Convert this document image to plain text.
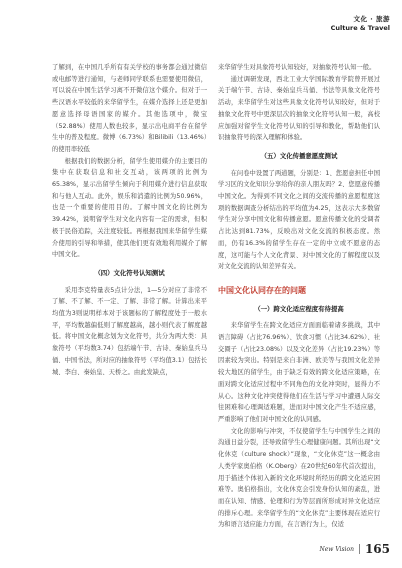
文化 · 旅游
Culture & Travel

了解到，在中国几乎所有有关学校的事务都会通过微信或电邮等进行通知，与老师同学联系也需要使用微信，可以说在中国生活学习离不开微信这个媒介。但对于一些汉语水平较低的来华留学生，在媒介选择上还是更加愿意选择母语国家的媒介。其他选项中，微宝（52.88%）使用人数也较多，显示出电商平台在留学生中的普及程度。微博（6.73%）和Bilibili（13.46%）的使用率较低

根据我们的数据分析，留学生使用媒介的主要目的集中在获取信息和社交互动，该两项的比例为65.38%，显示出留学生倾向于利用媒介进行信息获取和与他人互动。此外，娱乐和消遣的比例为50.96%，也是一个重要的使用目的。了解中国文化的比例为39.42%，说明留学生对文化内容有一定的需求，但积极于民俗追踪，关注度较低。再根据我国来华留学生媒介使用的引导和举措，使其他们更有效地利用媒介了解中国文化。

（四）文化符号认知测试

采用李克特量表5点计分法，1—5分对应了非常不了解、不了解、不一定、了解、非常了解。计算出来平均值为3则说明样本对于该题标的了解程度处于一般水平，平均数越偏低则了解度越高，越小则代表了解度越低。将中国文化概念划为文化符号，共分为两大类：具象符号（平均数3.74）包括端午节、古诗、秦始皇兵马俑、中国书法，所对应的抽象符号（平均值3.1）包括长城、李白、秦始皇、天桥之。由此发缺点，

来华留学生对具象符号认知较好，对抽象符号认知一般。

通过调研发现，西北工业大学国际教育学院曾开展过关于端午节、古诗、秦始皇兵马俑、书法等具象文化符号活动，来华留学生对这些具象文化符号认知较好，但对于抽象文化符号中更深层次的抽象文化符号认知一般，高校应加强对留学生文化符号认知的引导和教化，帮助他们认识抽象符号的深入理解和体验。

（五）文化传播意愿度测试

在问卷中设置了两道题，分别是：1、您愿意担任中国学习区的文化知识分享给你的亲人朋友吗？2、您愿意传播中国文化。为得到不同文化之间的交流传播的意愿程度这项的数据调查分析结出的平均值为4.25，这表示大多数留学生对分享中国文化和传播意愿。愿意传播文化的受调者占比达到81.73%，反映出对文化交流的积极态度。然而，仍有16.3%的留学生存在一定的中立或不愿意的态度，这可能与个人文化背景、对中国文化的了解程度以及对文化交流的认知差异有关。

中国文化认同存在的问题
（一）跨文化适应程度有待提高

来华留学生在跨文化适应方面面临着诸多挑战，其中语言障碍（占比76.96%）、饮食习惯（占比34.62%）、社交圈子（占比23.08%）以及文化差异（占比19.23%）等因素较为突出。特别是来自非洲、欧美等与我国文化差异较大地区的留学生，由于缺乏有效的跨文化适应策略，在面对跨文化适应过程中不同角色的文化冲突时，显得力不从心。这种文化冲突使得他们在生活与学习中遭遇人际交往困难和心理调适难题，进而对中国文化产生不适应感，严重影响了他们对中国文化的认同感。

文化的影响与冲突，不仅使留学生与中国学生之间的沟通日益分裂，还导致留学生心理健康问题。其所出现“文化休克（culture shock）”现象，“文化休克”这一概念由人类学家奥伯格（K.Oberg）在20世纪60年代首次提出，用于描述个体初入新的文化环境时所经历的跨文化适应困难等。奥伯格指出，文化休克会引发身份认知的紊乱，进而在认知、情感、伦理和行为等层面所形成对异文化适应的排斥心理。来华留学生的“文化休克”主要体现在适应行为和语言适应能力方面，在言语行为上，仅适

New Vision 165
